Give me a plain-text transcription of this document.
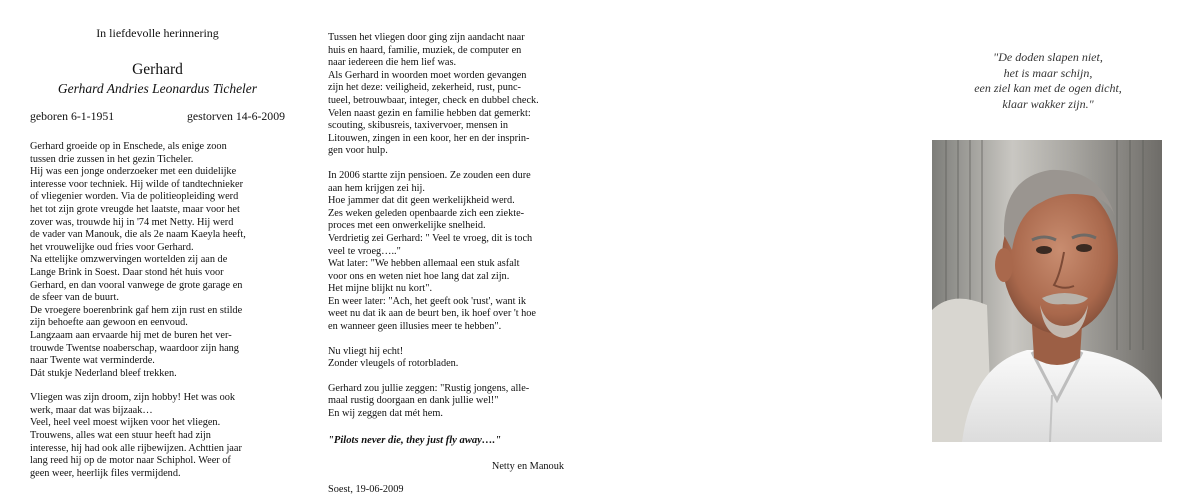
In liefdevolle herinnering
Gerhard
Gerhard Andries Leonardus Ticheler
geboren 6-1-1951	gestorven 14-6-2009
Gerhard groeide op in Enschede, als enige zoon
tussen drie zussen in het gezin Ticheler.
Hij was een jonge onderzoeker met een duidelijke
interesse voor techniek. Hij wilde of tandtechnieker
of vliegenier worden. Via de politieopleiding werd
het tot zijn grote vreugde het laatste, maar voor het
zover was, trouwde hij in '74 met Netty. Hij werd
de vader van Manouk, die als 2e naam Kaeyla heeft,
het vrouwelijke oud fries voor Gerhard.
Na ettelijke omzwervingen wortelden zij aan de
Lange Brink in Soest. Daar stond hét huis voor
Gerhard, en dan vooral vanwege de grote garage en
de sfeer van de buurt.
De vroegere boerenbrink gaf hem zijn rust en stilde
zijn behoefte aan gewoon en eenvoud.
Langzaam aan ervaarde hij met de buren het ver-
trouwde Twentse noaberschap, waardoor zijn hang
naar Twente wat verminderde.
Dát stukje Nederland bleef trekken.
Vliegen was zijn droom, zijn hobby! Het was ook
werk, maar dat was bijzaak…
Veel, heel veel moest wijken voor het vliegen.
Trouwens, alles wat een stuur heeft had zijn
interesse, hij had ook alle rijbewijzen. Achttien jaar
lang reed hij op de motor naar Schiphol. Weer of
geen weer, heerlijk files vermijdend.
Tussen het vliegen door ging zijn aandacht naar
huis en haard, familie, muziek, de computer en
naar iedereen die hem lief was.
Als Gerhard in woorden moet worden gevangen
zijn het deze: veiligheid, zekerheid, rust, punc-
tueel, betrouwbaar, integer, check en dubbel check.
Velen naast gezin en familie hebben dat gemerkt:
scouting, skibusreis, taxivervoer, mensen in
Litouwen, zingen in een koor, her en der insprin-
gen voor hulp.
In 2006 startte zijn pensioen. Ze zouden een dure
aan hem krijgen zei hij.
Hoe jammer dat dit geen werkelijkheid werd.
Zes weken geleden openbaarde zich een ziekte-
proces met een onwerkelijke snelheid.
Verdrietig zei Gerhard: " Veel te vroeg, dit is toch
veel te vroeg….."
Wat later: "We hebben allemaal een stuk asfalt
voor ons en weten niet hoe lang dat zal zijn.
Het mijne blijkt nu kort".
En weer later: "Ach, het geeft ook 'rust', want ik
weet nu dat ik aan de beurt ben, ik hoef over 't hoe
en wanneer geen illusies meer te hebben".
Nu vliegt hij echt!
Zonder vleugels of rotorbladen.
Gerhard zou jullie zeggen: "Rustig jongens, alle-
maal rustig doorgaan en dank jullie wel!"
En wij zeggen dat mét hem.
"Pilots never die, they just fly away…."
Netty en Manouk
Soest, 19-06-2009
"De doden slapen niet,
het is maar schijn,
een ziel kan met de ogen dicht,
klaar wakker zijn."
